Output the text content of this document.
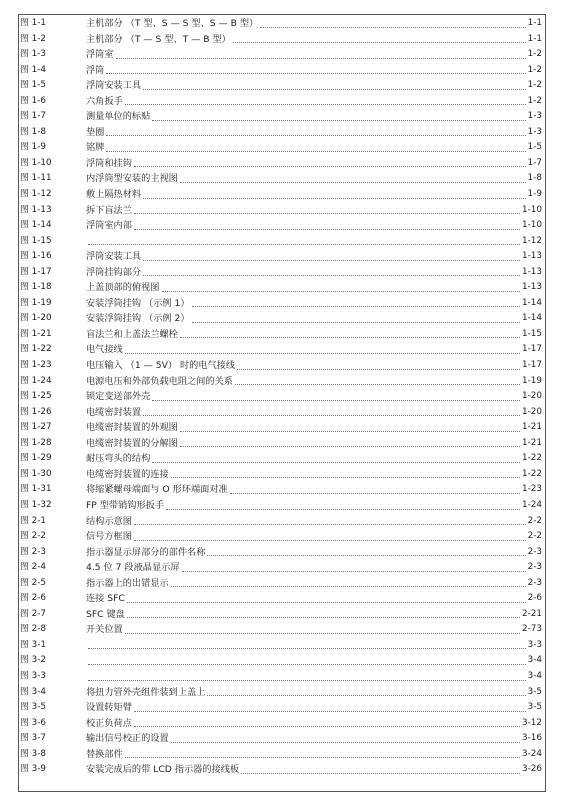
图 1-1	主机部分 （T 型、S — S 型、S — B 型）	1-1
图 1-2	主机部分 （T — S 型、T — B 型）	1-1
图 1-3	浮筒室	1-2
图 1-4	浮筒	1-2
图 1-5	浮筒安装工具	1-2
图 1-6	六角扳手	1-2
图 1-7	测量单位的标贴	1-3
图 1-8	垫圈	1-3
图 1-9	铭牌	1-5
图 1-10	浮筒和挂钩	1-7
图 1-11	内浮筒型安装的主视图	1-8
图 1-12	敷上隔热材料	1-9
图 1-13	拆下盲法兰	1-10
图 1-14	浮筒室内部	1-10
图 1-15	1-12
图 1-16	浮筒安装工具	1-13
图 1-17	浮筒挂钩部分	1-13
图 1-18	上盖顶部的俯视图	1-13
图 1-19	安装浮筒挂钩 （示例 1）	1-14
图 1-20	安装浮筒挂钩 （示例 2）	1-14
图 1-21	盲法兰和上盖法兰螺栓	1-15
图 1-22	电气接线	1-17
图 1-23	电压输入 （1 — 5V） 时的电气接线	1-17
图 1-24	电源电压和外部负载电阻之间的关系	1-19
图 1-25	锁定变送部外壳	1-20
图 1-26	电缆密封装置	1-20
图 1-27	电缆密封装置的外观图	1-21
图 1-28	电缆密封装置的分解图	1-21
图 1-29	耐压弯头的结构	1-22
图 1-30	电缆密封装置的连接	1-22
图 1-31	将缩紧螺母端面与 O 形环端面对准	1-23
图 1-32	FP 型带销钩形扳手	1-24
图 2-1	结构示意图	2-2
图 2-2	信号方框图	2-2
图 2-3	指示器显示屏部分的部件名称	2-3
图 2-4	4.5 位 7 段液晶显示屏	2-3
图 2-5	指示器上的出错显示	2-3
图 2-6	连接 SFC	2-6
图 2-7	SFC 键盘	2-21
图 2-8	开关位置	2-73
图 3-1	3-3
图 3-2	3-4
图 3-3	3-4
图 3-4	将扭力管外壳组件装到上盖上	3-5
图 3-5	设置转矩臂	3-5
图 3-6	校正负荷点	3-12
图 3-7	输出信号校正的设置	3-16
图 3-8	替换部件	3-24
图 3-9	安装完成后的带 LCD 指示器的接线板	3-26
